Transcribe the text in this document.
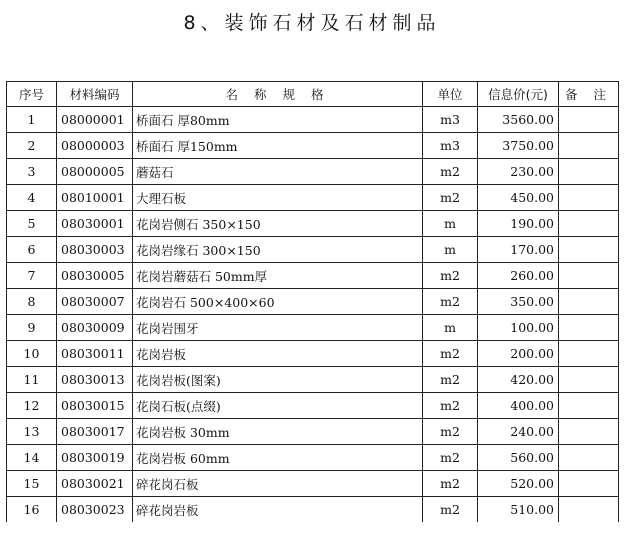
8、装饰石材及石材制品
序号	材料编码	名 称 规 格	单位	信息价(元)	备 注
1	08000001	桥面石 厚80mm	m3	3560.00	
2	08000003	桥面石 厚150mm	m3	3750.00	
3	08000005	蘑菇石	m2	230.00	
4	08010001	大理石板	m2	450.00	
5	08030001	花岗岩侧石 350×150	m	190.00	
6	08030003	花岗岩缘石 300×150	m	170.00	
7	08030005	花岗岩蘑菇石 50mm厚	m2	260.00	
8	08030007	花岗岩石 500×400×60	m2	350.00	
9	08030009	花岗岩围牙	m	100.00	
10	08030011	花岗岩板	m2	200.00	
11	08030013	花岗岩板(图案)	m2	420.00	
12	08030015	花岗石板(点缀)	m2	400.00	
13	08030017	花岗岩板 30mm	m2	240.00	
14	08030019	花岗岩板 60mm	m2	560.00	
15	08030021	碎花岗石板	m2	520.00	
16	08030023	碎花岗岩板	m2	510.00	
